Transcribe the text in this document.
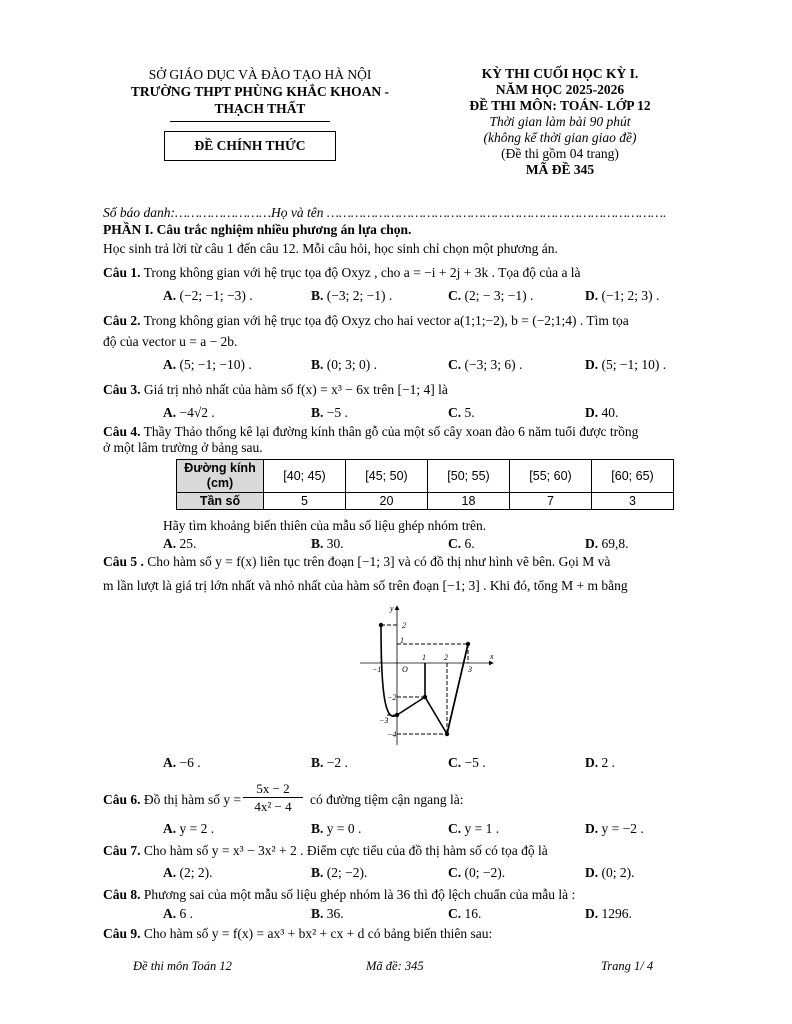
SỞ GIÁO DỤC VÀ ĐÀO TẠO HÀ NỘI
TRƯỜNG THPT PHÙNG KHẮC KHOAN -
THẠCH THẤT
ĐỀ CHÍNH THỨC
KỲ THI CUỐI HỌC KỲ I.
NĂM HỌC 2025-2026
ĐỀ THI MÔN: TOÁN- LỚP 12
Thời gian làm bài 90 phút
(không kể thời gian giao đề)
(Đề thi gồm 04 trang)
MÃ ĐỀ 345
Số báo danh:……………………Họ và tên ………………………………………………………………………….
PHẦN I. Câu trắc nghiệm nhiều phương án lựa chọn.
Học sinh trả lời từ câu 1 đến câu 12. Mỗi câu hỏi, học sinh chỉ chọn một phương án.
Câu 1. Trong không gian với hệ trục tọa độ Oxyz , cho a = −i + 2j + 3k . Tọa độ của a là
A. (−2; −1; −3) .	B. (−3; 2; −1) .	C. (2; − 3; −1) .	D. (−1; 2; 3) .
Câu 2. Trong không gian với hệ trục tọa độ Oxyz cho hai vector a(1;1;−2), b = (−2;1;4) . Tìm tọa
độ của vector u = a − 2b.
A. (5; −1; −10) .	B. (0; 3; 0) .	C. (−3; 3; 6) .	D. (5; −1; 10) .
Câu 3. Giá trị nhỏ nhất của hàm số f(x) = x³ − 6x trên [−1; 4] là
A. −4√2 .	B. −5 .	C. 5.	D. 40.
Câu 4. Thầy Thảo thống kê lại đường kính thân gỗ của một số cây xoan đào 6 năm tuổi được trồng
ở một lâm trường ở bảng sau.
Đường kính (cm)	[40; 45)	[45; 50)	[50; 55)	[55; 60)	[60; 65)
Tần số	5	20	18	7	3
Hãy tìm khoảng biến thiên của mẫu số liệu ghép nhóm trên.
A. 25.	B. 30.	C. 6.	D. 69,8.
Câu 5 . Cho hàm số y = f(x) liên tục trên đoạn [−1; 3] và có đồ thị như hình vẽ bên. Gọi M và
m lần lượt là giá trị lớn nhất và nhỏ nhất của hàm số trên đoạn [−1; 3] . Khi đó, tổng M + m bằng
y
x
O
−1
1 2
3
2
1
−2
−3
−4
A. −6 .	B. −2 .	C. −5 .	D. 2 .
Câu 6. Đồ thị hàm số $y = \frac{5x - 2}{\text{4x² − 4}}$ có đường tiệm cận ngang là:
A. y = 2 .	B. y = 0 .	C. y = 1 .	D. y = −2 .
Câu 7. Cho hàm số y = x³ − 3x² + 2 . Điểm cực tiểu của đồ thị hàm số có tọa độ là
A. (2; 2).	B. (2; −2).	C. (0; −2).	D. (0; 2).
Câu 8. Phương sai của một mẫu số liệu ghép nhóm là 36 thì độ lệch chuẩn của mẫu là :
A. 6 .	B. 36.	C. 16.	D. 1296.
Câu 9. Cho hàm số y = f(x) = ax³ + bx² + cx + d có bảng biến thiên sau:
Đề thi môn Toán 12	Mã đề: 345	Trang 1/ 4
